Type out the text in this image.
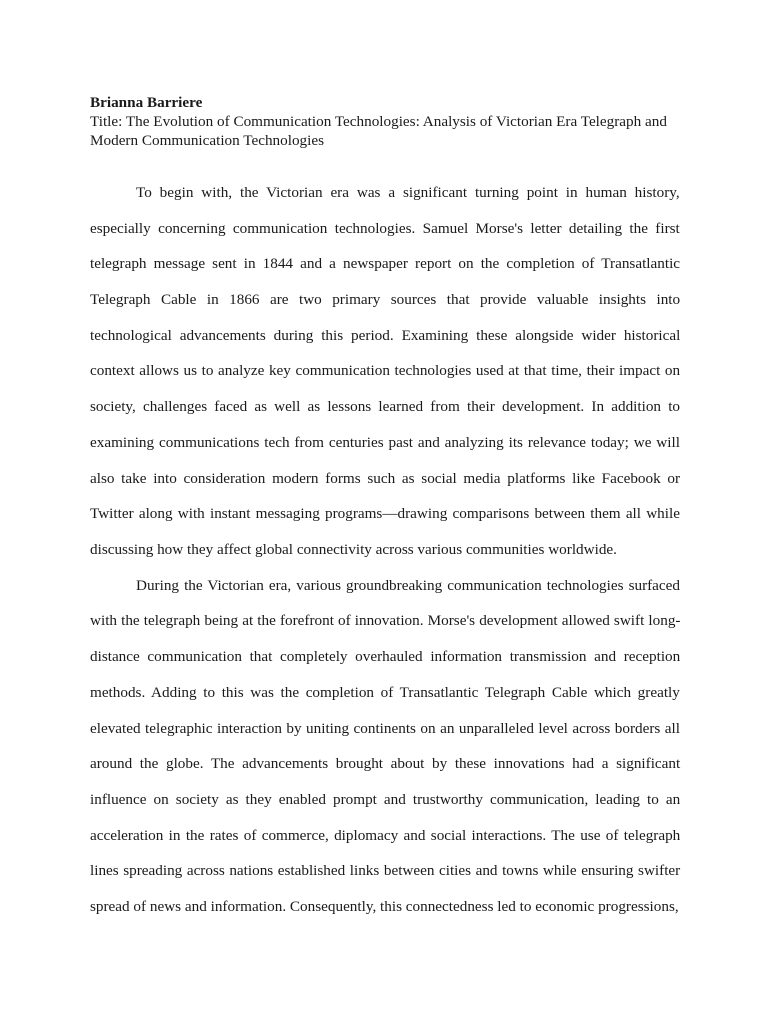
Brianna Barriere
Title: The Evolution of Communication Technologies: Analysis of Victorian Era Telegraph and
Modern Communication Technologies
To begin with, the Victorian era was a significant turning point in human history,
especially concerning communication technologies. Samuel Morse's letter detailing the first
telegraph message sent in 1844 and a newspaper report on the completion of Transatlantic
Telegraph Cable in 1866 are two primary sources that provide valuable insights into
technological advancements during this period. Examining these alongside wider historical
context allows us to analyze key communication technologies used at that time, their impact on
society, challenges faced as well as lessons learned from their development. In addition to
examining communications tech from centuries past and analyzing its relevance today; we will
also take into consideration modern forms such as social media platforms like Facebook or
Twitter along with instant messaging programs—drawing comparisons between them all while
discussing how they affect global connectivity across various communities worldwide.
During the Victorian era, various groundbreaking communication technologies surfaced
with the telegraph being at the forefront of innovation. Morse's development allowed swift long-
distance communication that completely overhauled information transmission and reception
methods. Adding to this was the completion of Transatlantic Telegraph Cable which greatly
elevated telegraphic interaction by uniting continents on an unparalleled level across borders all
around the globe. The advancements brought about by these innovations had a significant
influence on society as they enabled prompt and trustworthy communication, leading to an
acceleration in the rates of commerce, diplomacy and social interactions. The use of telegraph
lines spreading across nations established links between cities and towns while ensuring swifter
spread of news and information. Consequently, this connectedness led to economic progressions,
